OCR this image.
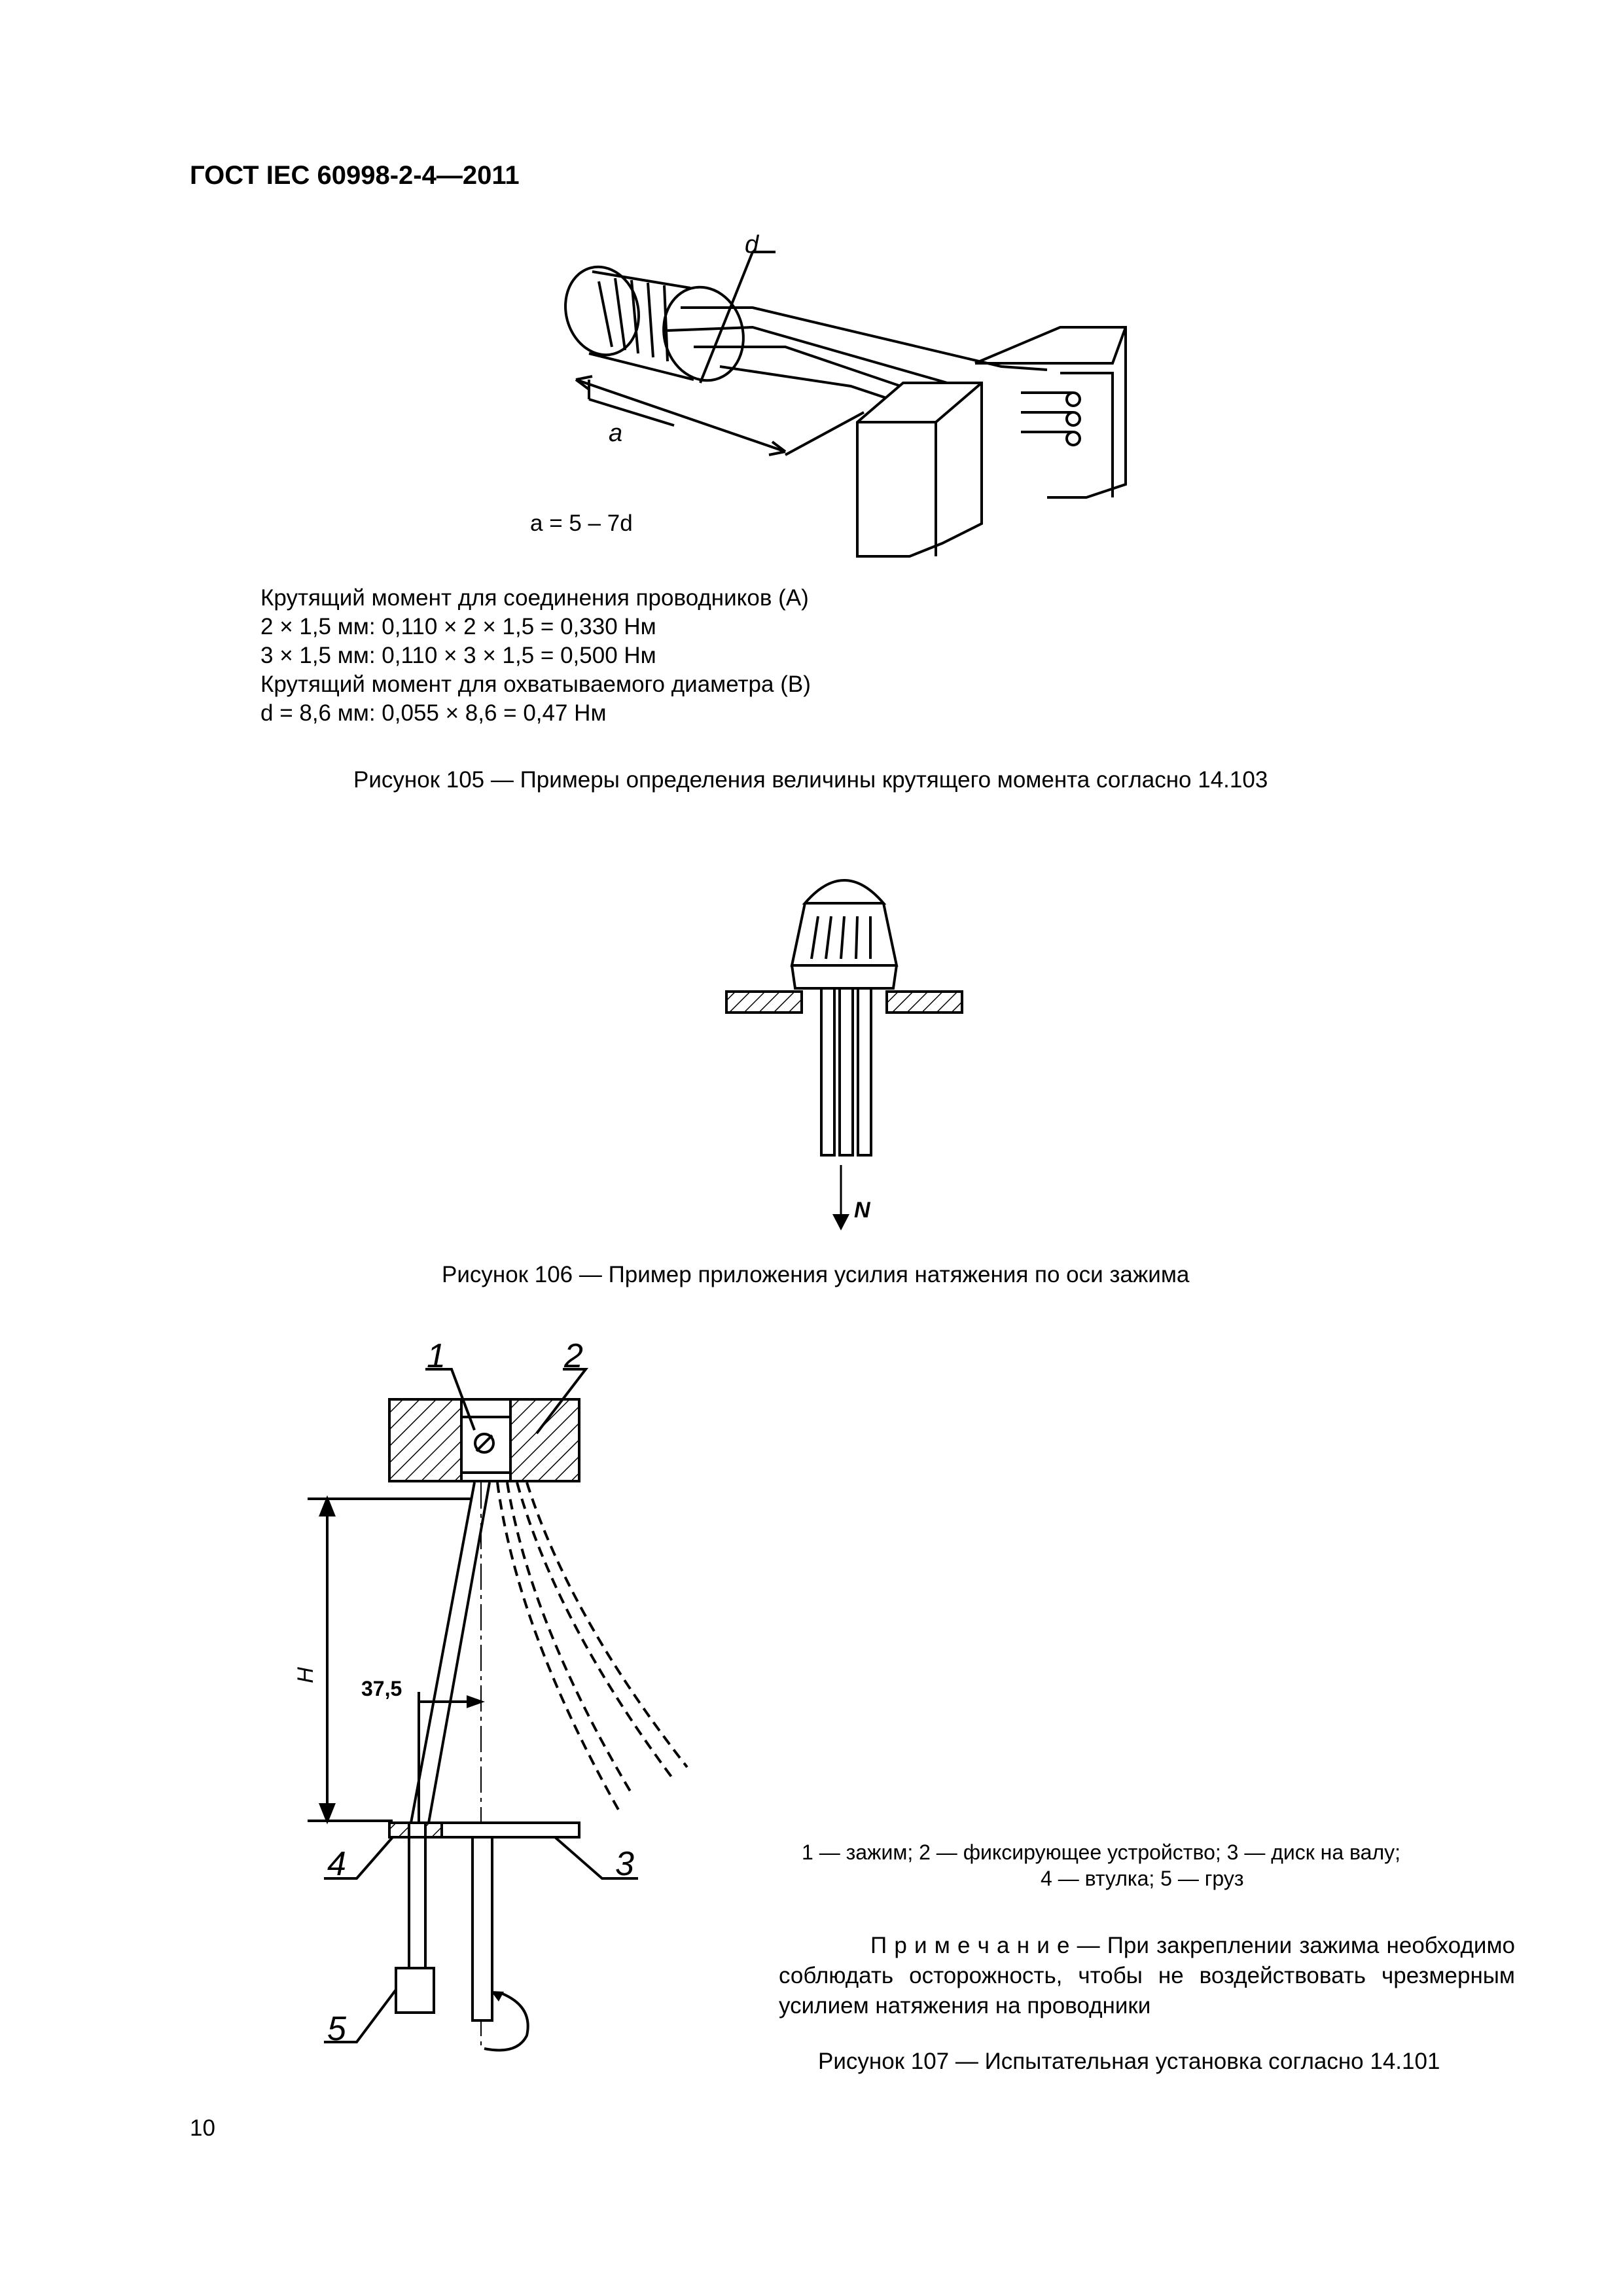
ГОСТ IEC 60998-2-4—2011
d
a
a = 5 – 7d
Крутящий момент для соединения проводников (A)
2 × 1,5 мм: 0,110 × 2 × 1,5 = 0,330 Нм
3 × 1,5 мм: 0,110 × 3 × 1,5 = 0,500 Нм
Крутящий момент для охватываемого диаметра (B)
d = 8,6 мм: 0,055 × 8,6 = 0,47 Нм
Рисунок 105 — Примеры определения величины крутящего момента согласно 14.103
N
Рисунок 106 — Пример приложения усилия натяжения по оси зажима
1	2
3
4
5
H
37,5
1 — зажим; 2 — фиксирующее устройство; 3 — диск на валу;
4 — втулка; 5 — груз
П р и м е ч а н и е — При закреплении зажима необходимо соблюдать осторожность, чтобы не воздействовать чрезмерным усилием натяжения на проводники
Рисунок 107 — Испытательная установка согласно 14.101
10
